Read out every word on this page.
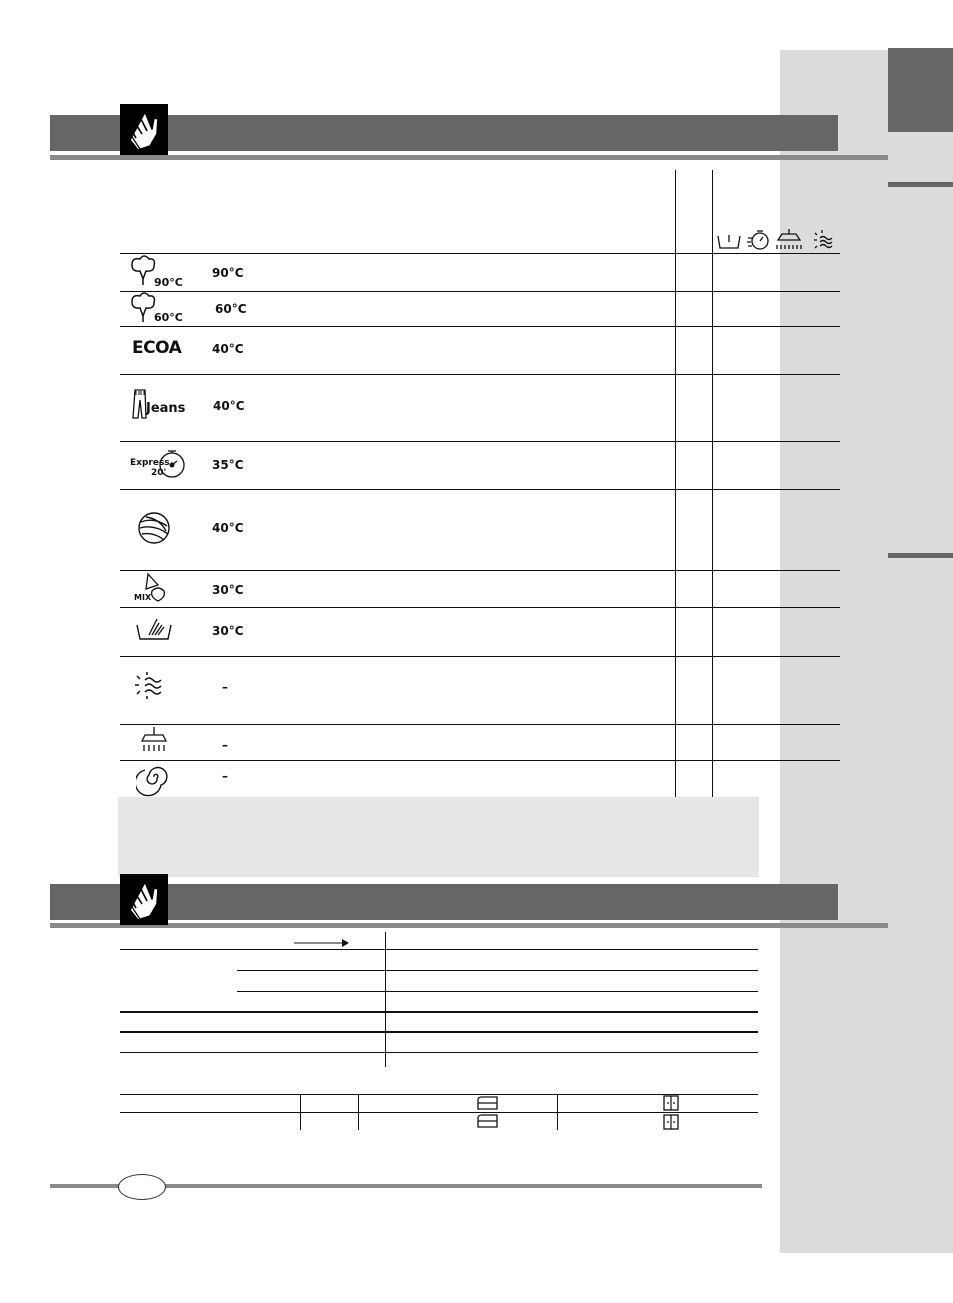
90°C
90°C
60°C
60°C
ECOA	40°C
Jeans 40°C
Express
20'
35°C
40°C
MIX
30°C
30°C
–
–
–
